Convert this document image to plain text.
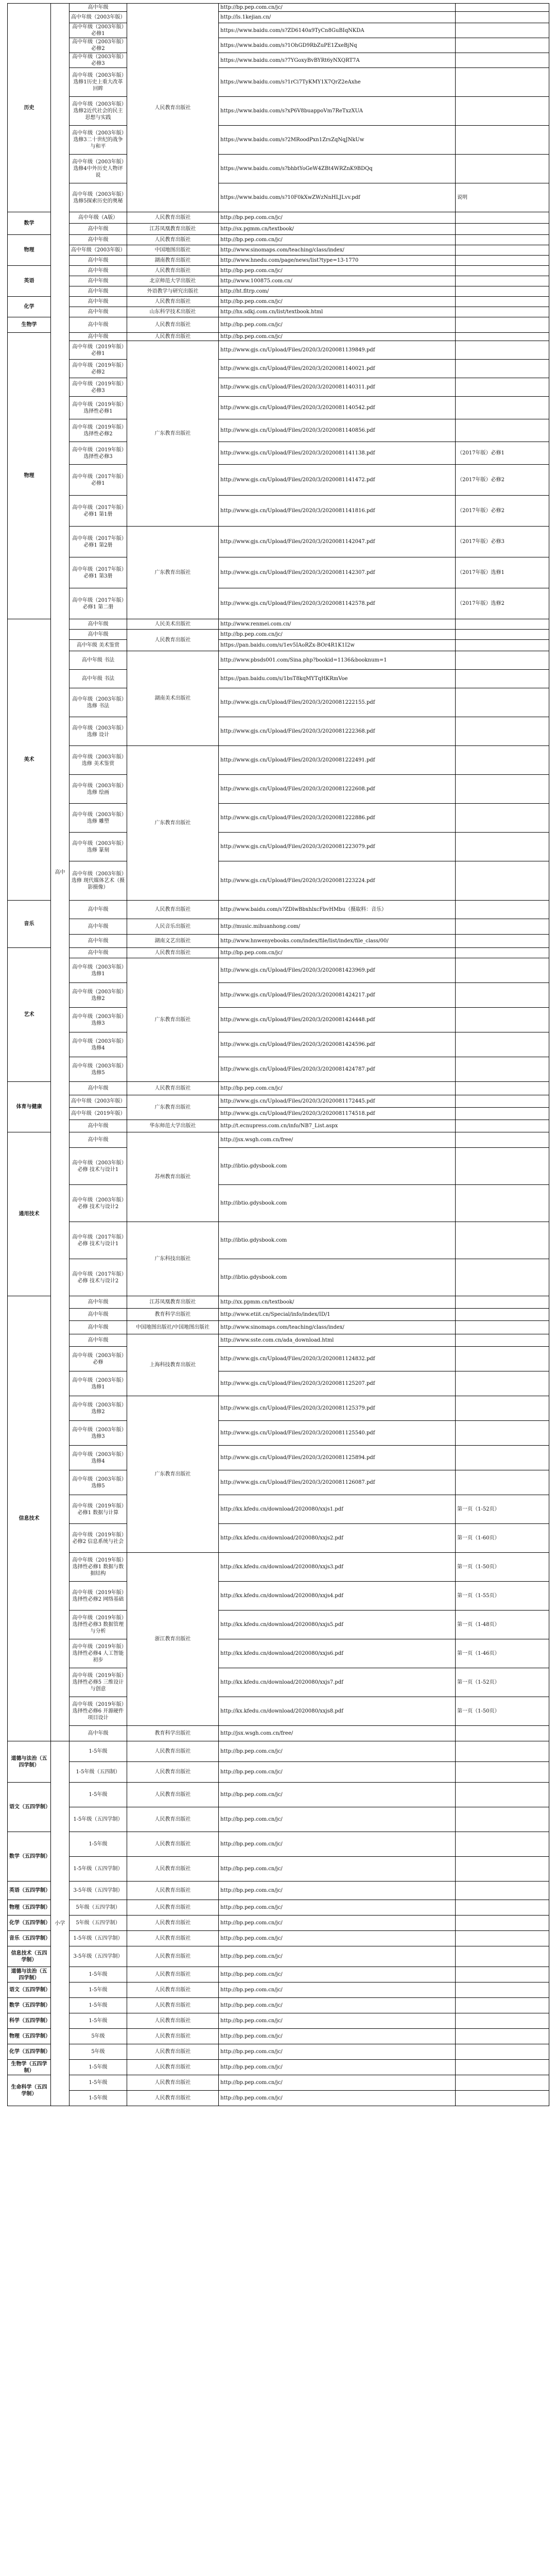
历史	高中	高中年级	人民教育出版社	http://bp.pep.com.cn/jc/	
		高中年级（2003年版）		http://ls.1kejian.cn/	
		高中年级（2003年版）必修1		https://www.baidu.com/s?ZD6140a9TyCn8GuBIqNKDA	
		高中年级（2003年版）必修2		https://www.baidu.com/s?1OhGD9RbZuPE1ZxeBjNq	
		高中年级（2003年版）必修3		https://www.baidu.com/s?7YGoxyBvBYRt6yNXQRT7A	
		高中年级（2003年版）选修1历史上重大改革回眸		https://www.baidu.com/s?1rCi7TyKMY1X7QrZ2eAxhe	
		高中年级（2003年版）选修2近代社会的民主思想与实践		https://www.baidu.com/s?xP6V8buappoVm7ReTxzXUA	
		高中年级（2003年版）选修3二十世纪的战争与和平		https://www.baidu.com/s?2MRoodPxn1ZrsZqNqJNkUw	
		高中年级（2003年版）选修4中外历史人物评说		https://www.baidu.com/s?bhbtYoGeW4ZBt4WRZnK9BDQq	
		高中年级（2003年版）选修5探索历史的奥秘		https://www.baidu.com/s?10F0kXwZWzNnHLJLvv.pdf	说明
数学		高中年级（A版）	人民教育出版社	http://bp.pep.com.cn/jc/	
		高中年级	江苏凤凰教育出版社	http://sx.pgmm.cn/textbook/	
物理		高中年级	人民教育出版社	http://bp.pep.com.cn/jc/	
		高中年级（2003年版）	中国地图出版社	http://www.sinomaps.com/teaching/class/index/	
		高中年级	湖南教育出版社	http://www.hnedu.com/page/news/list?type=13-1770	
英语		高中年级	人民教育出版社	http://bp.pep.com.cn/jc/	
		高中年级	北京师范大学出版社	http://www.100875.com.cn/	
		高中年级	外语教学与研究出版社	http://ht.fltrp.com/	
化学		高中年级	人民教育出版社	http://bp.pep.com.cn/jc/	
		高中年级	山东科学技术出版社	http://hx.sdkj.com.cn/list/textbook.html	
生物学		高中年级	人民教育出版社	http://bp.pep.com.cn/jc/	
物理		高中年级	人民教育出版社	http://bp.pep.com.cn/jc/	
		高中年级（2019年版）必修1	广东教育出版社	http://www.gjs.cn/Upload/Files/2020/3/2020081139849.pdf	
		高中年级（2019年版）必修2		http://www.gjs.cn/Upload/Files/2020/3/2020081140021.pdf	
		高中年级（2019年版）必修3		http://www.gjs.cn/Upload/Files/2020/3/2020081140311.pdf	
		高中年级（2019年版）选择性必修1		http://www.gjs.cn/Upload/Files/2020/3/2020081140542.pdf	
		高中年级（2019年版）选择性必修2		http://www.gjs.cn/Upload/Files/2020/3/2020081140856.pdf	
		高中年级（2019年版）选择性必修3		http://www.gjs.cn/Upload/Files/2020/3/2020081141138.pdf	（2017年版）必修1
		高中年级（2017年版）必修1		http://www.gjs.cn/Upload/Files/2020/3/2020081141472.pdf	（2017年版）必修2
		高中年级（2017年版）必修1 第1册		http://www.gjs.cn/Upload/Files/2020/3/2020081141816.pdf	（2017年版）必修2
		高中年级（2017年版）必修1 第2册	广东教育出版社	http://www.gjs.cn/Upload/Files/2020/3/2020081142047.pdf	（2017年版）必修3
		高中年级（2017年版）必修1 第3册		http://www.gjs.cn/Upload/Files/2020/3/2020081142307.pdf	（2017年版）选修1
		高中年级（2017年版）必修1 第二册		http://www.gjs.cn/Upload/Files/2020/3/2020081142578.pdf	（2017年版）选修2
美术		高中年级	人民美术出版社	http://www.renmei.com.cn/	
		高中年级	人民教育出版社	http://bp.pep.com.cn/jc/	
		高中年级 美术鉴赏		https://pan.baidu.com/s/1ev5IAoRZx-BOr4R1K1I2w	
		高中年级 书法	湖南美术出版社	http://www.pbsds001.com/Sina.php?bookid=1136&booknum=1	
		高中年级 书法		https://pan.baidu.com/s/1bsT8kqMYTqHKRmVoe	
		高中年级（2003年版）选修 书法		http://www.gjs.cn/Upload/Files/2020/3/2020081222155.pdf	
		高中年级（2003年版）选修 设计		http://www.gjs.cn/Upload/Files/2020/3/2020081222368.pdf	
		高中年级（2003年版）选修 美术鉴赏	广东教育出版社	http://www.gjs.cn/Upload/Files/2020/3/2020081222491.pdf	
		高中年级（2003年版）选修 绘画		http://www.gjs.cn/Upload/Files/2020/3/2020081222608.pdf	
		高中年级（2003年版）选修 雕塑		http://www.gjs.cn/Upload/Files/2020/3/2020081222886.pdf	
		高中年级（2003年版）选修 篆刻		http://www.gjs.cn/Upload/Files/2020/3/2020081223079.pdf	
		高中年级（2003年版）选修 现代媒体艺术（摄影摄像）		http://www.gjs.cn/Upload/Files/2020/3/2020081223224.pdf	
音乐		高中年级	人民教育出版社	http://www.baidu.com/s?ZDlwBbxhlxcFbvHMbu（摄取料：音乐）	
		高中年级	人民音乐出版社	http://music.mihuanhong.com/	
		高中年级	湖南文艺出版社	http://www.hnwenyebooks.com/index/file/list/index/file_class/00/	
艺术		高中年级	人民教育出版社	http://bp.pep.com.cn/jc/	
		高中年级（2003年版）选修1	广东教育出版社	http://www.gjs.cn/Upload/Files/2020/3/2020081423969.pdf	
		高中年级（2003年版）选修2		http://www.gjs.cn/Upload/Files/2020/3/2020081424217.pdf	
		高中年级（2003年版）选修3		http://www.gjs.cn/Upload/Files/2020/3/2020081424448.pdf	
		高中年级（2003年版）选修4		http://www.gjs.cn/Upload/Files/2020/3/2020081424596.pdf	
		高中年级（2003年版）选修5		http://www.gjs.cn/Upload/Files/2020/3/2020081424787.pdf	
体育与健康		高中年级	人民教育出版社	http://bp.pep.com.cn/jc/	
		高中年级（2003年版）	广东教育出版社	http://www.gjs.cn/Upload/Files/2020/3/2020081172445.pdf	
		高中年级（2019年版）		http://www.gjs.cn/Upload/Files/2020/3/2020081174518.pdf	
		高中年级	华东师范大学出版社	http://t.ecnupress.com.cn/info/NB7_List.aspx	
通用技术		高中年级	苏州教育出版社	http://jsx.wsgh.com.cn/free/	
		高中年级（2003年版）必修 技术与设计1		http://ibtio.gdysbook.com	
		高中年级（2003年版）必修 技术与设计2		http://ibtio.gdysbook.com	
		高中年级（2017年版）必修 技术与设计1	广东科技出版社	http://ibtio.gdysbook.com	
		高中年级（2017年版）必修 技术与设计2		http://ibtio.gdysbook.com	
信息技术		高中年级	江苏凤凰教育出版社	http://xx.ppmm.cn/textbook/	
		高中年级	教育科学出版社	http://www.etiit.cn/Special/info/index/ID/1	
		高中年级	中国地图出版社/中国地图出版社	http://www.sinomaps.com/teaching/class/index/	
		高中年级	上海科技教育出版社	http://www.sste.com.cn/ada_download.html	
		高中年级（2003年版）必修		http://www.gjs.cn/Upload/Files/2020/3/2020081124832.pdf	
		高中年级（2003年版）选修1		http://www.gjs.cn/Upload/Files/2020/3/2020081125207.pdf	
		高中年级（2003年版）选修2	广东教育出版社	http://www.gjs.cn/Upload/Files/2020/3/2020081125379.pdf	
		高中年级（2003年版）选修3		http://www.gjs.cn/Upload/Files/2020/3/2020081125540.pdf	
		高中年级（2003年版）选修4		http://www.gjs.cn/Upload/Files/2020/3/2020081125894.pdf	
		高中年级（2003年版）选修5		http://www.gjs.cn/Upload/Files/2020/3/2020081126087.pdf	
		高中年级（2019年版）必修1 数据与计算		http://kx.kfedu.cn/download/2020080/xxjs1.pdf	第一页（1-52页）
		高中年级（2019年版）必修2 信息系统与社会		http://kx.kfedu.cn/download/2020080/xxjs2.pdf	第一页（1-60页）
		高中年级（2019年版）选择性必修1 数据与数据结构	浙江教育出版社	http://kx.kfedu.cn/download/2020080/xxjs3.pdf	第一页（1-50页）
		高中年级（2019年版）选择性必修2 网络基础		http://kx.kfedu.cn/download/2020080/xxjs4.pdf	第一页（1-55页）
		高中年级（2019年版）选择性必修3 数据管理与分析		http://kx.kfedu.cn/download/2020080/xxjs5.pdf	第一页（1-48页）
		高中年级（2019年版）选择性必修4 人工智能初步		http://kx.kfedu.cn/download/2020080/xxjs6.pdf	第一页（1-46页）
		高中年级（2019年版）选择性必修5 三维设计与创意		http://kx.kfedu.cn/download/2020080/xxjs7.pdf	第一页（1-52页）
		高中年级（2019年版）选择性必修6 开源硬件项目设计		http://kx.kfedu.cn/download/2020080/xxjs8.pdf	第一页（1-50页）
		高中年级	教育科学出版社	http://jsx.wsgh.com.cn/free/	
道德与法治（五四学制）	小学	1-5年级	人民教育出版社	http://bp.pep.com.cn/jc/	
		1-5年级（五四制）	人民教育出版社	http://bp.pep.com.cn/jc/	
语文（五四学制）		1-5年级	人民教育出版社	http://bp.pep.com.cn/jc/	
		1-5年级（五四学制）	人民教育出版社	http://bp.pep.com.cn/jc/	
数学（五四学制）		1-5年级	人民教育出版社	http://bp.pep.com.cn/jc/	
		1-5年级（五四学制）	人民教育出版社	http://bp.pep.com.cn/jc/	
英语（五四学制）		3-5年级（五四学制）	人民教育出版社	http://bp.pep.com.cn/jc/	
物理（五四学制）		5年级（五四学制）	人民教育出版社	http://bp.pep.com.cn/jc/	
化学（五四学制）		5年级（五四学制）	人民教育出版社	http://bp.pep.com.cn/jc/	
音乐（五四学制）		1-5年级（五四学制）	人民教育出版社	http://bp.pep.com.cn/jc/	
信息技术（五四学制）		3-5年级（五四学制）	人民教育出版社	http://bp.pep.com.cn/jc/	
道德与法治（五四学制）		1-5年级	人民教育出版社	http://bp.pep.com.cn/jc/	
语文（五四学制）		1-5年级	人民教育出版社	http://bp.pep.com.cn/jc/	
数学（五四学制）		1-5年级	人民教育出版社	http://bp.pep.com.cn/jc/	
科学（五四学制）		1-5年级	人民教育出版社	http://bp.pep.com.cn/jc/	
物理（五四学制）		5年级	人民教育出版社	http://bp.pep.com.cn/jc/	
化学（五四学制）		5年级	人民教育出版社	http://bp.pep.com.cn/jc/	
生物学（五四学制）		1-5年级	人民教育出版社	http://bp.pep.com.cn/jc/	
生命科学（五四学制）		1-5年级	人民教育出版社	http://bp.pep.com.cn/jc/	
		1-5年级	人民教育出版社	http://bp.pep.com.cn/jc/	
